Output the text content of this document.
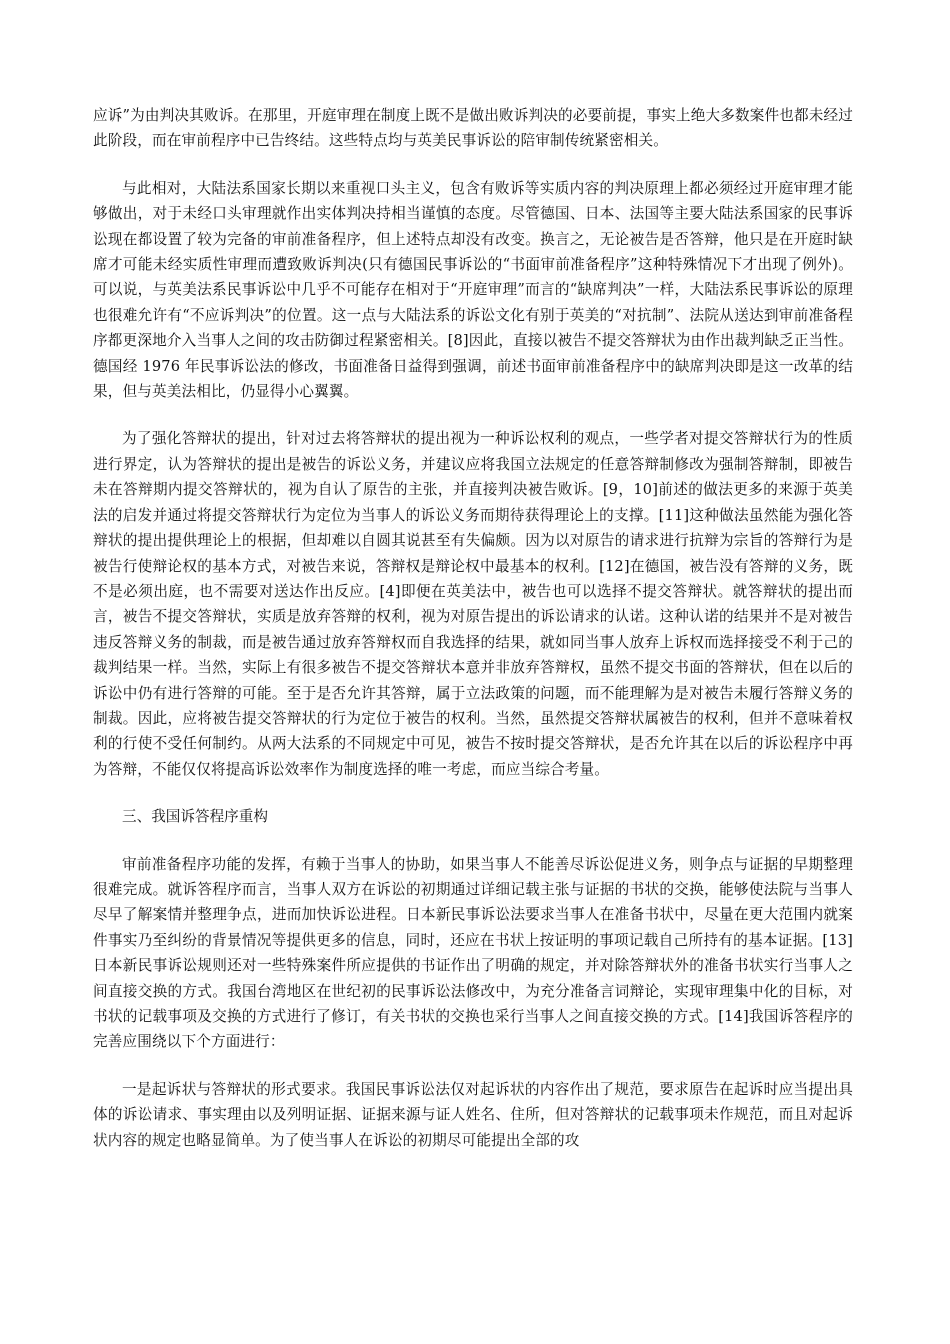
应诉”为由判决其败诉。在那里，开庭审理在制度上既不是做出败诉判决的必要前提，事实上绝大多数案件也都未经过此阶段，而在审前程序中已告终结。这些特点均与英美民事诉讼的陪审制传统紧密相关。

与此相对，大陆法系国家长期以来重视口头主义，包含有败诉等实质内容的判决原理上都必须经过开庭审理才能够做出，对于未经口头审理就作出实体判决持相当谨慎的态度。尽管德国、日本、法国等主要大陆法系国家的民事诉讼现在都设置了较为完备的审前准备程序，但上述特点却没有改变。换言之，无论被告是否答辩，他只是在开庭时缺席才可能未经实质性审理而遭致败诉判决(只有德国民事诉讼的“书面审前准备程序”这种特殊情况下才出现了例外)。可以说，与英美法系民事诉讼中几乎不可能存在相对于“开庭审理”而言的“缺席判决”一样，大陆法系民事诉讼的原理也很难允许有“不应诉判决”的位置。这一点与大陆法系的诉讼文化有别于英美的“对抗制”、法院从送达到审前准备程序都更深地介入当事人之间的攻击防御过程紧密相关。[8]因此，直接以被告不提交答辩状为由作出裁判缺乏正当性。德国经 1976 年民事诉讼法的修改，书面准备日益得到强调，前述书面审前准备程序中的缺席判决即是这一改革的结果，但与英美法相比，仍显得小心翼翼。

为了强化答辩状的提出，针对过去将答辩状的提出视为一种诉讼权利的观点，一些学者对提交答辩状行为的性质进行界定，认为答辩状的提出是被告的诉讼义务，并建议应将我国立法规定的任意答辩制修改为强制答辩制，即被告未在答辩期内提交答辩状的，视为自认了原告的主张，并直接判决被告败诉。[9，10]前述的做法更多的来源于英美法的启发并通过将提交答辩状行为定位为当事人的诉讼义务而期待获得理论上的支撑。[11]这种做法虽然能为强化答辩状的提出提供理论上的根据，但却难以自圆其说甚至有失偏颇。因为以对原告的请求进行抗辩为宗旨的答辩行为是被告行使辩论权的基本方式，对被告来说，答辩权是辩论权中最基本的权利。[12]在德国，被告没有答辩的义务，既不是必须出庭，也不需要对送达作出反应。[4]即便在英美法中，被告也可以选择不提交答辩状。就答辩状的提出而言，被告不提交答辩状，实质是放弃答辩的权利，视为对原告提出的诉讼请求的认诺。这种认诺的结果并不是对被告违反答辩义务的制裁，而是被告通过放弃答辩权而自我选择的结果，就如同当事人放弃上诉权而选择接受不利于己的裁判结果一样。当然，实际上有很多被告不提交答辩状本意并非放弃答辩权，虽然不提交书面的答辩状，但在以后的诉讼中仍有进行答辩的可能。至于是否允许其答辩，属于立法政策的问题，而不能理解为是对被告未履行答辩义务的制裁。因此，应将被告提交答辩状的行为定位于被告的权利。当然，虽然提交答辩状属被告的权利，但并不意味着权利的行使不受任何制约。从两大法系的不同规定中可见，被告不按时提交答辩状，是否允许其在以后的诉讼程序中再为答辩，不能仅仅将提高诉讼效率作为制度选择的唯一考虑，而应当综合考量。

三、我国诉答程序重构

审前准备程序功能的发挥，有赖于当事人的协助，如果当事人不能善尽诉讼促进义务，则争点与证据的早期整理很难完成。就诉答程序而言，当事人双方在诉讼的初期通过详细记载主张与证据的书状的交换，能够使法院与当事人尽早了解案情并整理争点，进而加快诉讼进程。日本新民事诉讼法要求当事人在准备书状中，尽量在更大范围内就案件事实乃至纠纷的背景情况等提供更多的信息，同时，还应在书状上按证明的事项记载自己所持有的基本证据。[13]日本新民事诉讼规则还对一些特殊案件所应提供的书证作出了明确的规定，并对除答辩状外的准备书状实行当事人之间直接交换的方式。我国台湾地区在世纪初的民事诉讼法修改中，为充分准备言词辩论，实现审理集中化的目标，对书状的记载事项及交换的方式进行了修订，有关书状的交换也采行当事人之间直接交换的方式。[14]我国诉答程序的完善应围绕以下个方面进行：

一是起诉状与答辩状的形式要求。我国民事诉讼法仅对起诉状的内容作出了规范，要求原告在起诉时应当提出具体的诉讼请求、事实理由以及列明证据、证据来源与证人姓名、住所，但对答辩状的记载事项未作规范，而且对起诉状内容的规定也略显简单。为了使当事人在诉讼的初期尽可能提出全部的攻
